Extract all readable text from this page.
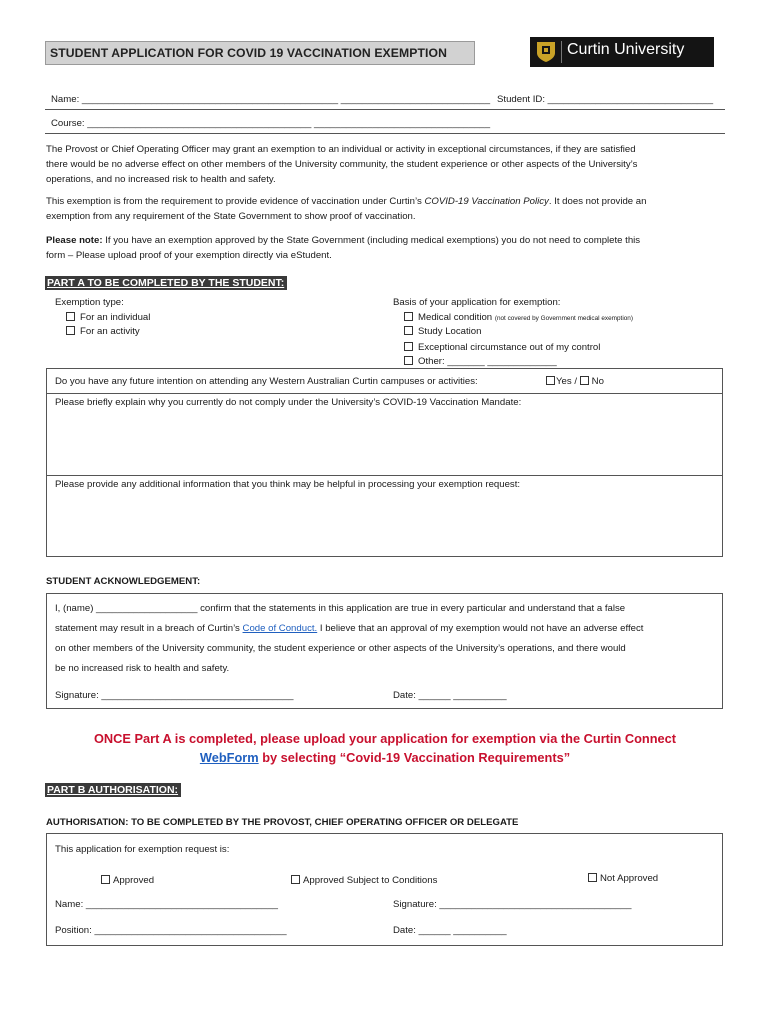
STUDENT APPLICATION FOR COVID 19 VACCINATION EXEMPTION	Curtin University
Name: ________________________________________________ ____________________________ Student ID: _______________________________
Course: __________________________________________ _________________________________
The Provost or Chief Operating Officer may grant an exemption to an individual or activity in exceptional circumstances, if they are satisfied
there would be no adverse effect on other members of the University community, the student experience or other aspects of the University’s
operations, and no increased risk to health and safety.
This exemption is from the requirement to provide evidence of vaccination under Curtin’s COVID-19 Vaccination Policy. It does not provide an
exemption from any requirement of the State Government to show proof of vaccination.
Please note: If you have an exemption approved by the State Government (including medical exemptions) you do not need to complete this
form – Please upload proof of your exemption directly via eStudent.
PART A TO BE COMPLETED BY THE STUDENT:
Exemption type:
For an individual
For an activity
Basis of your application for exemption:
Medical condition (not covered by Government medical exemption)
Study Location
Exceptional circumstance out of my control
Other: _______ _____________
Do you have any future intention on attending any Western Australian Curtin campuses or activities:	Yes / No
Please briefly explain why you currently do not comply under the University’s COVID-19 Vaccination Mandate:
Please provide any additional information that you think may be helpful in processing your exemption request:
STUDENT ACKNOWLEDGEMENT:
I, (name) ___________________ confirm that the statements in this application are true in every particular and understand that a false
statement may result in a breach of Curtin’s Code of Conduct. I believe that an approval of my exemption would not have an adverse effect
on other members of the University community, the student experience or other aspects of the University’s operations, and there would
be no increased risk to health and safety.
Signature: ____________________________________	Date: ______ __________
ONCE Part A is completed, please upload your application for exemption via the Curtin Connect
WebForm by selecting “Covid-19 Vaccination Requirements”
PART B AUTHORISATION:
AUTHORISATION: TO BE COMPLETED BY THE PROVOST, CHIEF OPERATING OFFICER OR DELEGATE
This application for exemption request is:
Approved	Approved Subject to Conditions	Not Approved
Name: ____________________________________	Signature: ____________________________________
Position: ____________________________________	Date: ______ __________
